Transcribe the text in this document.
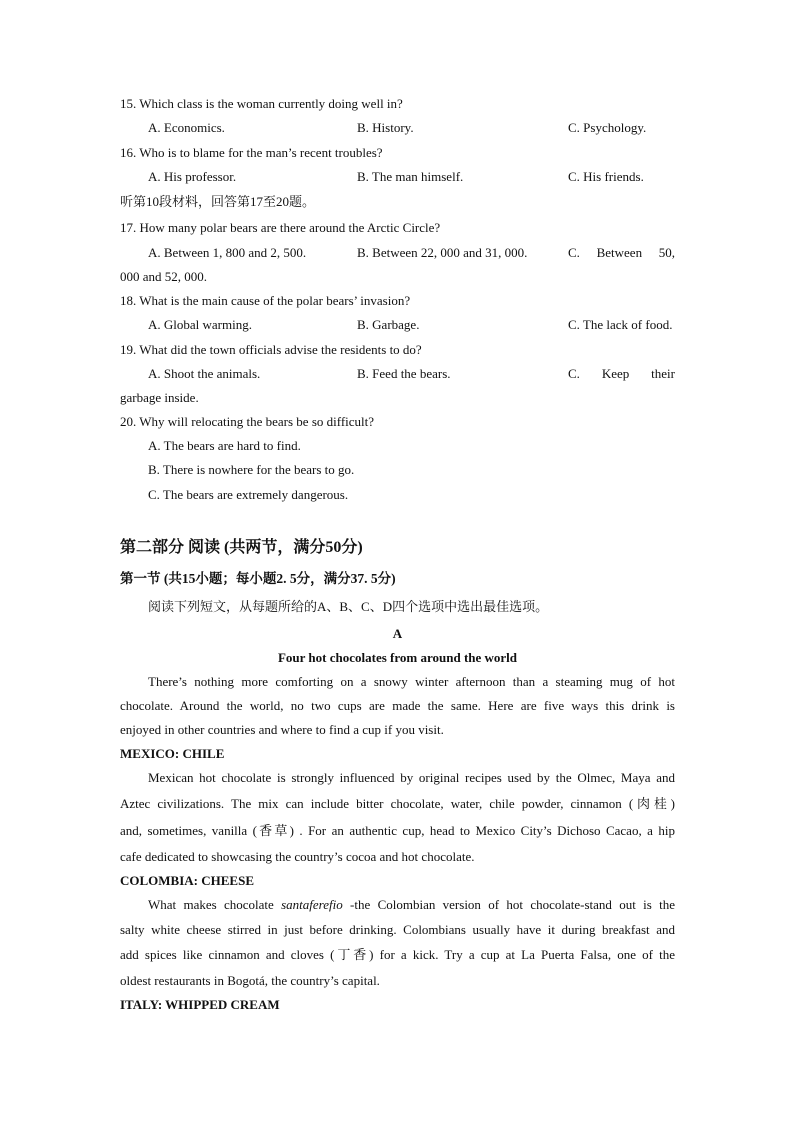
15. Which class is the woman currently doing well in?
A. Economics.	B. History.	C. Psychology.
16. Who is to blame for the man’s recent troubles?
A. His professor.	B. The man himself.	C. His friends.
听第10段材料，回答第17至20题。
17. How many polar bears are there around the Arctic Circle?
A. Between 1, 800 and 2, 500.	B. Between 22, 000 and 31, 000.	C. Between 50,
000 and 52, 000.
18. What is the main cause of the polar bears’ invasion?
A. Global warming.	B. Garbage.	C. The lack of food.
19. What did the town officials advise the residents to do?
A. Shoot the animals.	B. Feed the bears.	C. Keep their
garbage inside.
20. Why will relocating the bears be so difficult?
A. The bears are hard to find.
B. There is nowhere for the bears to go.
C. The bears are extremely dangerous.
第二部分 阅读 (共两节，满分50分)
第一节 (共15小题；每小题2. 5分，满分37. 5分)
阅读下列短文，从每题所给的A、B、C、D四个选项中选出最佳选项。
A
Four hot chocolates from around the world
There’s nothing more comforting on a snowy winter afternoon than a steaming mug of hot
chocolate. Around the world, no two cups are made the same. Here are five ways this drink is
enjoyed in other countries and where to find a cup if you visit.
MEXICO: CHILE
Mexican hot chocolate is strongly influenced by original recipes used by the Olmec, Maya and
Aztec civilizations. The mix can include bitter chocolate, water, chile powder, cinnamon (肉桂)
and, sometimes, vanilla (香草) . For an authentic cup, head to Mexico City’s Dichoso Cacao, a hip
cafe dedicated to showcasing the country’s cocoa and hot chocolate.
COLOMBIA: CHEESE
What makes chocolate santaferefio -the Colombian version of hot chocolate-stand out is the
salty white cheese stirred in just before drinking. Colombians usually have it during breakfast and
add spices like cinnamon and cloves (丁香) for a kick. Try a cup at La Puerta Falsa, one of the
oldest restaurants in Bogotá, the country’s capital.
ITALY: WHIPPED CREAM
